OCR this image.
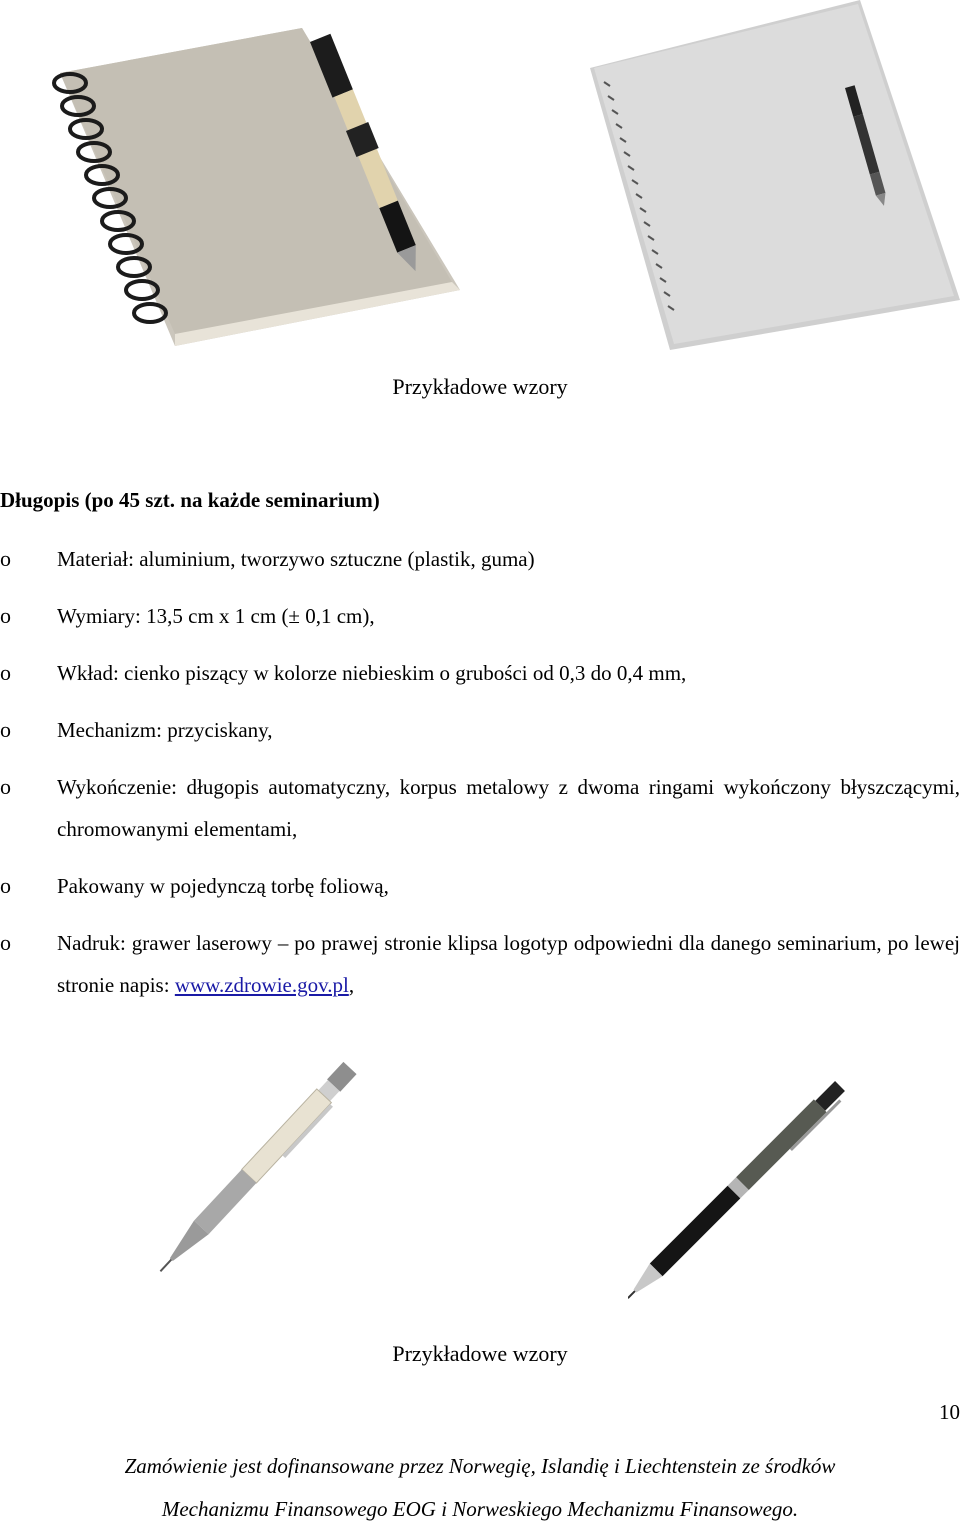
Przykładowe wzory
Długopis (po 45 szt. na każde seminarium)
o Materiał: aluminium, tworzywo sztuczne (plastik, guma)
o Wymiary: 13,5 cm x 1 cm (± 0,1 cm),
o Wkład: cienko piszący w kolorze niebieskim o grubości od 0,3 do 0,4 mm,
o Mechanizm: przyciskany,
o Wykończenie: długopis automatyczny, korpus metalowy z dwoma ringami wykończony błyszczącymi, chromowanymi elementami,
o Pakowany w pojedynczą torbę foliową,
o Nadruk: grawer laserowy – po prawej stronie klipsa logotyp odpowiedni dla danego seminarium, po lewej stronie napis: www.zdrowie.gov.pl,
Przykładowe wzory
10
Zamówienie jest dofinansowane przez Norwegię, Islandię i Liechtenstein ze środków
Mechanizmu Finansowego EOG i Norweskiego Mechanizmu Finansowego.
